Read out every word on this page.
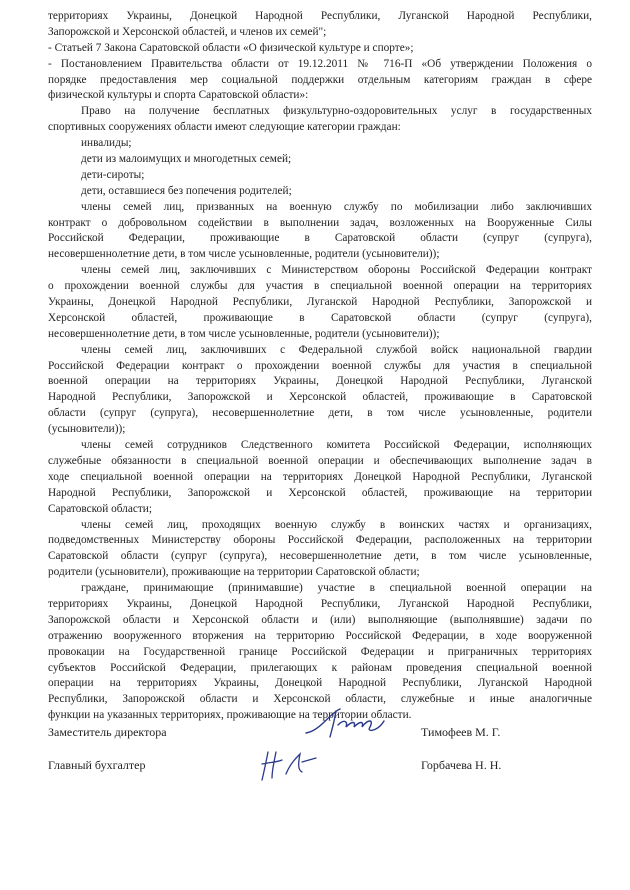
территориях Украины, Донецкой Народной Республики, Луганской Народной Республики,
Запорожской и Херсонской областей, и членов их семей";
- Статьей 7 Закона Саратовской области «О физической культуре и спорте»;
- Постановлением Правительства области от 19.12.2011 № 716-П «Об утверждении Положения о
порядке предоставления мер социальной поддержки отдельным категориям граждан в сфере
физической культуры и спорта Саратовской области»:
Право на получение бесплатных физкультурно-оздоровительных услуг в государственных
спортивных сооружениях области имеют следующие категории граждан:
инвалиды;
дети из малоимущих и многодетных семей;
дети-сироты;
дети, оставшиеся без попечения родителей;
члены семей лиц, призванных на военную службу по мобилизации либо заключивших
контракт о добровольном содействии в выполнении задач, возложенных на Вооруженные Силы
Российской Федерации, проживающие в Саратовской области (супруг (супруга),
несовершеннолетние дети, в том числе усыновленные, родители (усыновители));
члены семей лиц, заключивших с Министерством обороны Российской Федерации контракт
о прохождении военной службы для участия в специальной военной операции на территориях
Украины, Донецкой Народной Республики, Луганской Народной Республики, Запорожской и
Херсонской областей, проживающие в Саратовской области (супруг (супруга),
несовершеннолетние дети, в том числе усыновленные, родители (усыновители));
члены семей лиц, заключивших с Федеральной службой войск национальной гвардии
Российской Федерации контракт о прохождении военной службы для участия в специальной
военной операции на территориях Украины, Донецкой Народной Республики, Луганской
Народной Республики, Запорожской и Херсонской областей, проживающие в Саратовской
области (супруг (супруга), несовершеннолетние дети, в том числе усыновленные, родители
(усыновители));
члены семей сотрудников Следственного комитета Российской Федерации, исполняющих
служебные обязанности в специальной военной операции и обеспечивающих выполнение задач в
ходе специальной военной операции на территориях Донецкой Народной Республики, Луганской
Народной Республики, Запорожской и Херсонской областей, проживающие на территории
Саратовской области;
члены семей лиц, проходящих военную службу в воинских частях и организациях,
подведомственных Министерству обороны Российской Федерации, расположенных на территории
Саратовской области (супруг (супруга), несовершеннолетние дети, в том числе усыновленные,
родители (усыновители), проживающие на территории Саратовской области;
граждане, принимающие (принимавшие) участие в специальной военной операции на
территориях Украины, Донецкой Народной Республики, Луганской Народной Республики,
Запорожской области и Херсонской области и (или) выполняющие (выполнявшие) задачи по
отражению вооруженного вторжения на территорию Российской Федерации, в ходе вооруженной
провокации на Государственной границе Российской Федерации и приграничных территориях
субъектов Российской Федерации, прилегающих к районам проведения специальной военной
операции на территориях Украины, Донецкой Народной Республики, Луганской Народной
Республики, Запорожской области и Херсонской области, служебные и иные аналогичные
функции на указанных территориях, проживающие на территории области.
Заместитель директора	Тимофеев М. Г.
Главный бухгалтер	Горбачева Н. Н.
